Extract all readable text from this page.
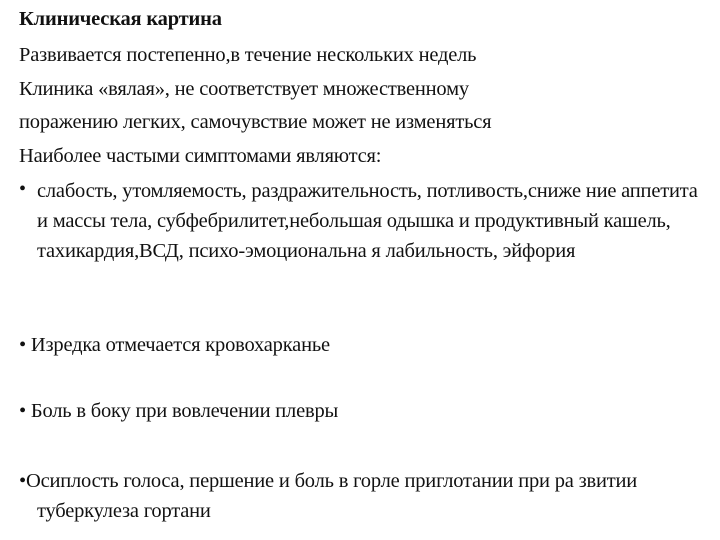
Клиническая картина
Развивается постепенно,в течение нескольких недель
Клиника «вялая», не соответствует множественному
поражению легких, самочувствие может не изменяться
Наиболее частыми симптомами являются:
• слабость, утомляемость, раздражительность, потливость,сниже ние аппетита и массы тела, субфебрилитет,небольшая одышка и продуктивный кашель, тахикардия,ВСД, психо-эмоциональна я лабильность, эйфория
• Изредка отмечается кровохарканье
• Боль в боку при вовлечении плевры
•Осиплость голоса, першение и боль в горле приглотании при ра звитии туберкулеза гортани
